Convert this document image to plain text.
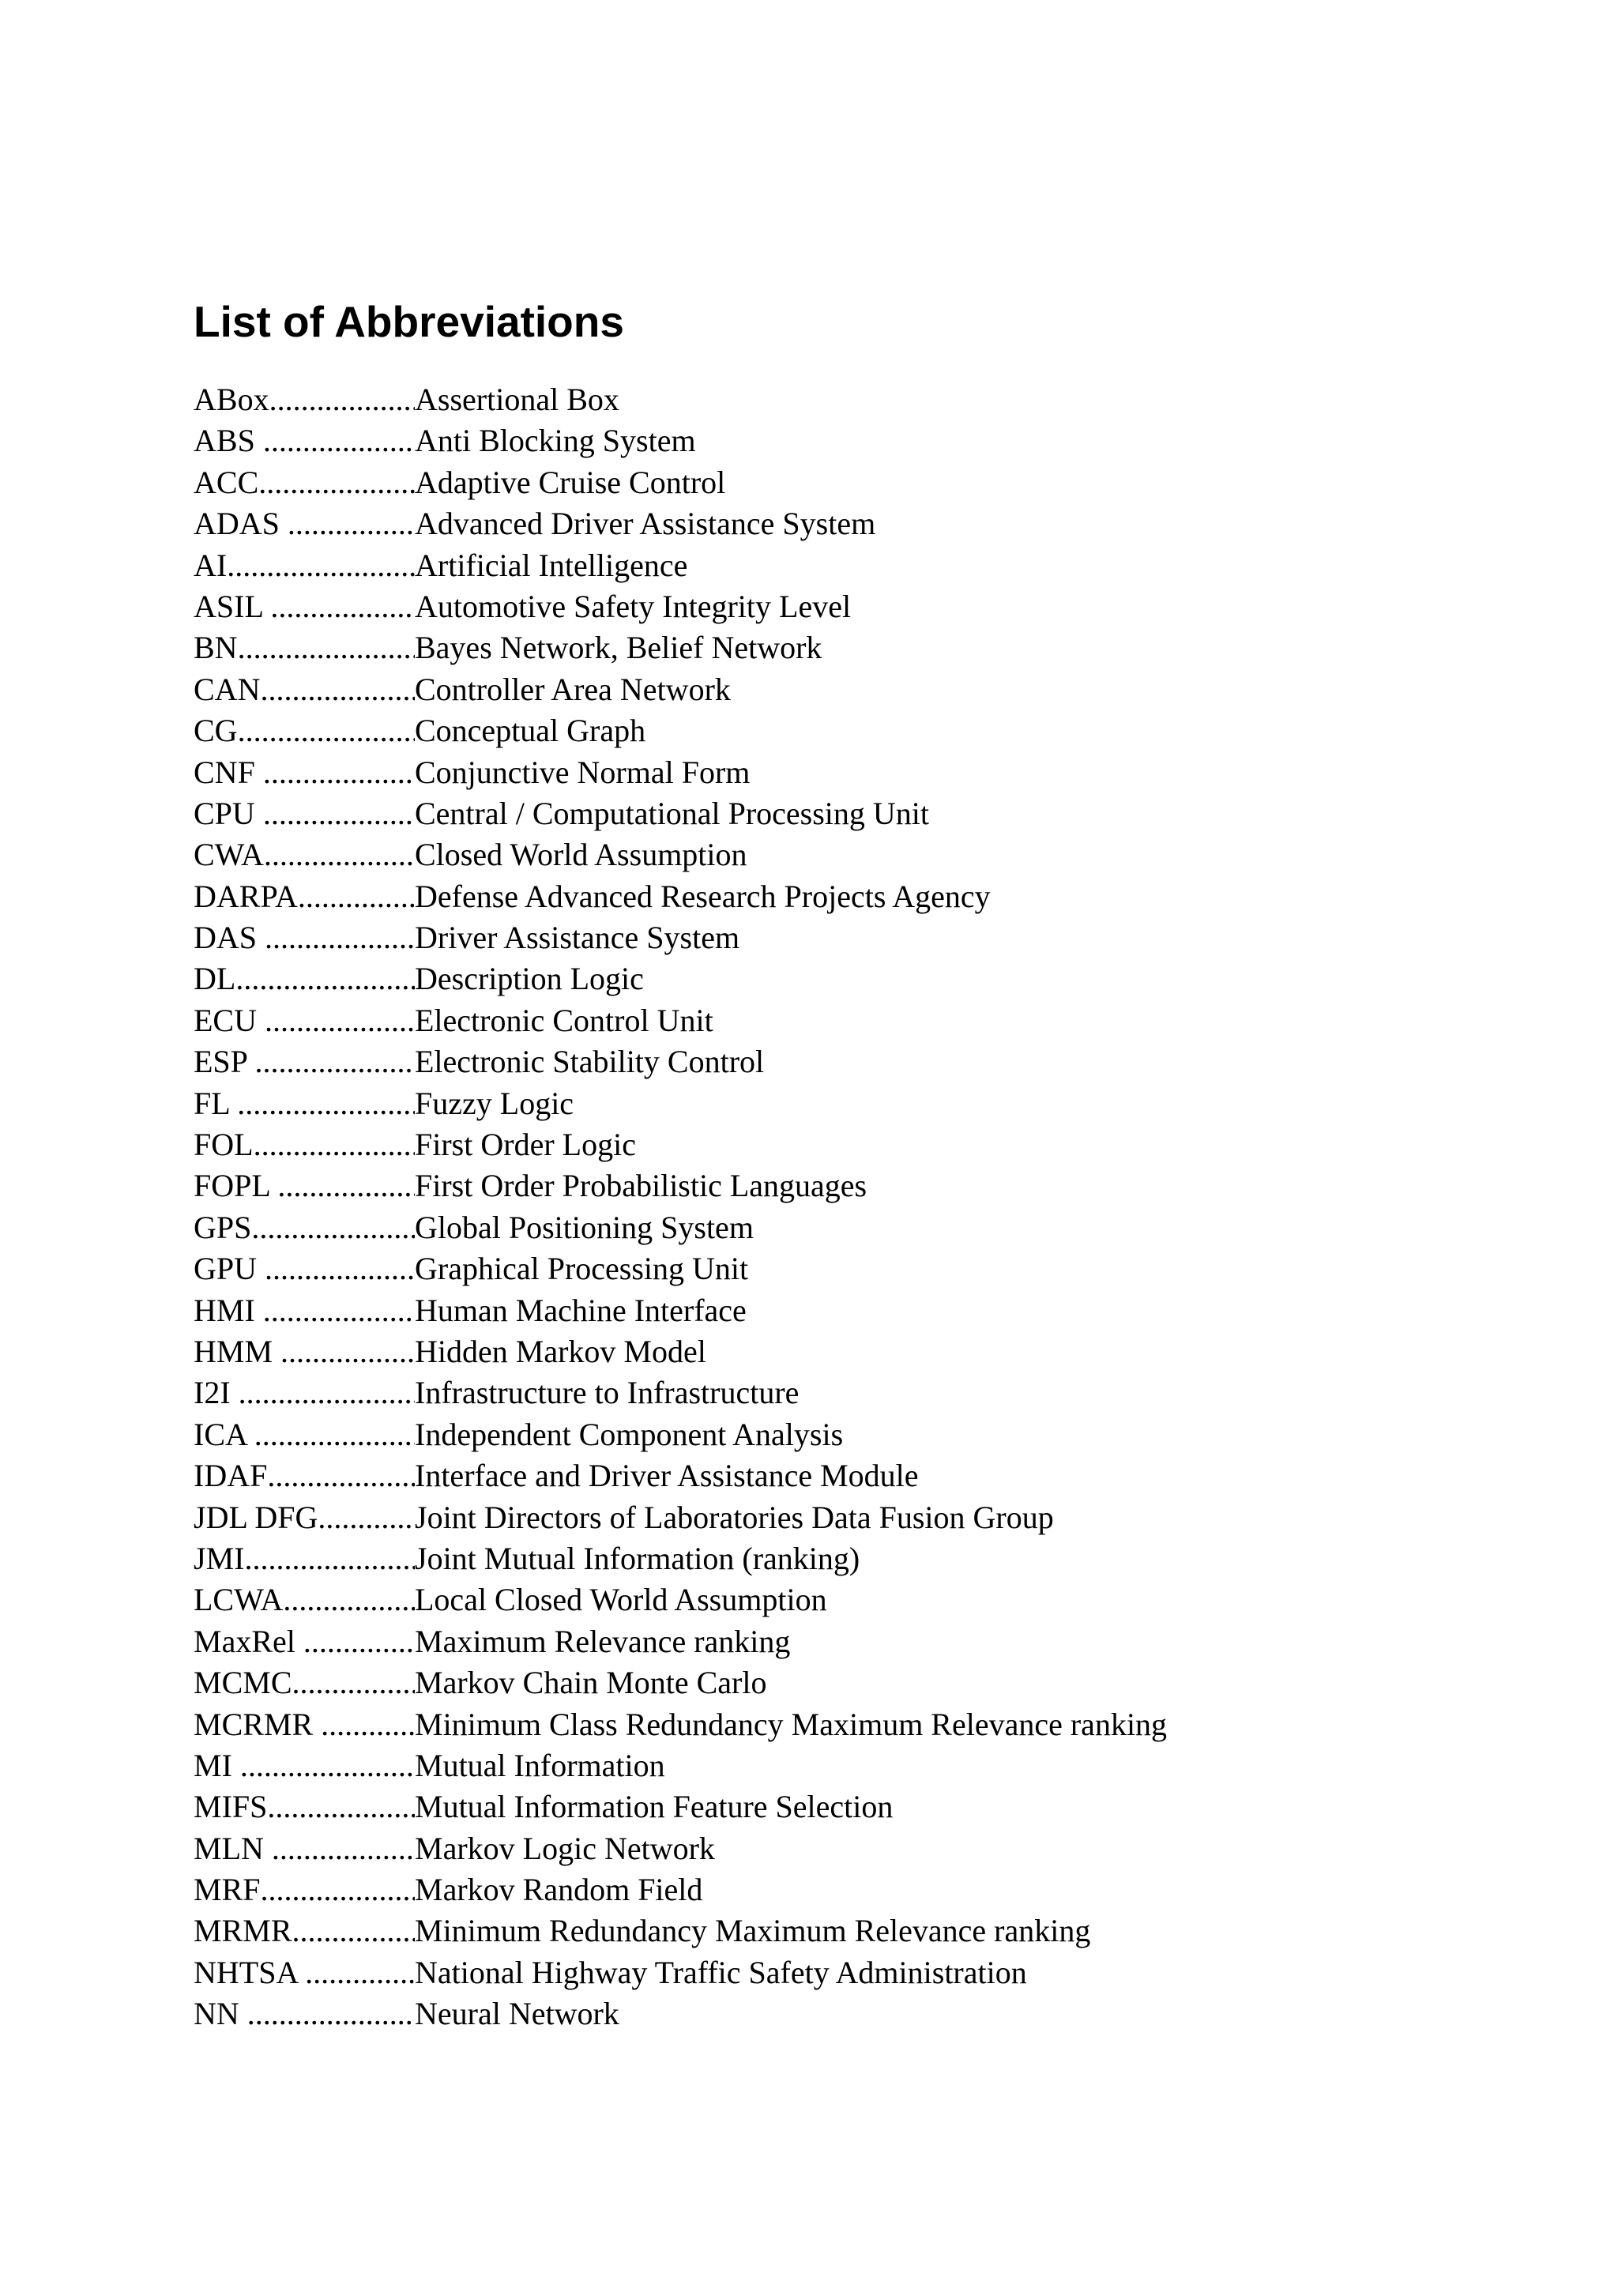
List of Abbreviations
ABox .....	Assertional Box
ABS .....	Anti Blocking System
ACC .....	Adaptive Cruise Control
ADAS .....	Advanced Driver Assistance System
AI .....	Artificial Intelligence
ASIL .....	Automotive Safety Integrity Level
BN .....	Bayes Network, Belief Network
CAN .....	Controller Area Network
CG .....	Conceptual Graph
CNF .....	Conjunctive Normal Form
CPU .....	Central / Computational Processing Unit
CWA .....	Closed World Assumption
DARPA .....	Defense Advanced Research Projects Agency
DAS .....	Driver Assistance System
DL .....	Description Logic
ECU .....	Electronic Control Unit
ESP .....	Electronic Stability Control
FL .....	Fuzzy Logic
FOL .....	First Order Logic
FOPL .....	First Order Probabilistic Languages
GPS .....	Global Positioning System
GPU .....	Graphical Processing Unit
HMI .....	Human Machine Interface
HMM .....	Hidden Markov Model
I2I .....	Infrastructure to Infrastructure
ICA .....	Independent Component Analysis
IDAF .....	Interface and Driver Assistance Module
JDL DFG .....	Joint Directors of Laboratories Data Fusion Group
JMI .....	Joint Mutual Information (ranking)
LCWA .....	Local Closed World Assumption
MaxRel .....	Maximum Relevance ranking
MCMC .....	Markov Chain Monte Carlo
MCRMR .....	Minimum Class Redundancy Maximum Relevance ranking
MI .....	Mutual Information
MIFS .....	Mutual Information Feature Selection
MLN .....	Markov Logic Network
MRF .....	Markov Random Field
MRMR .....	Minimum Redundancy Maximum Relevance ranking
NHTSA .....	National Highway Traffic Safety Administration
NN .....	Neural Network
